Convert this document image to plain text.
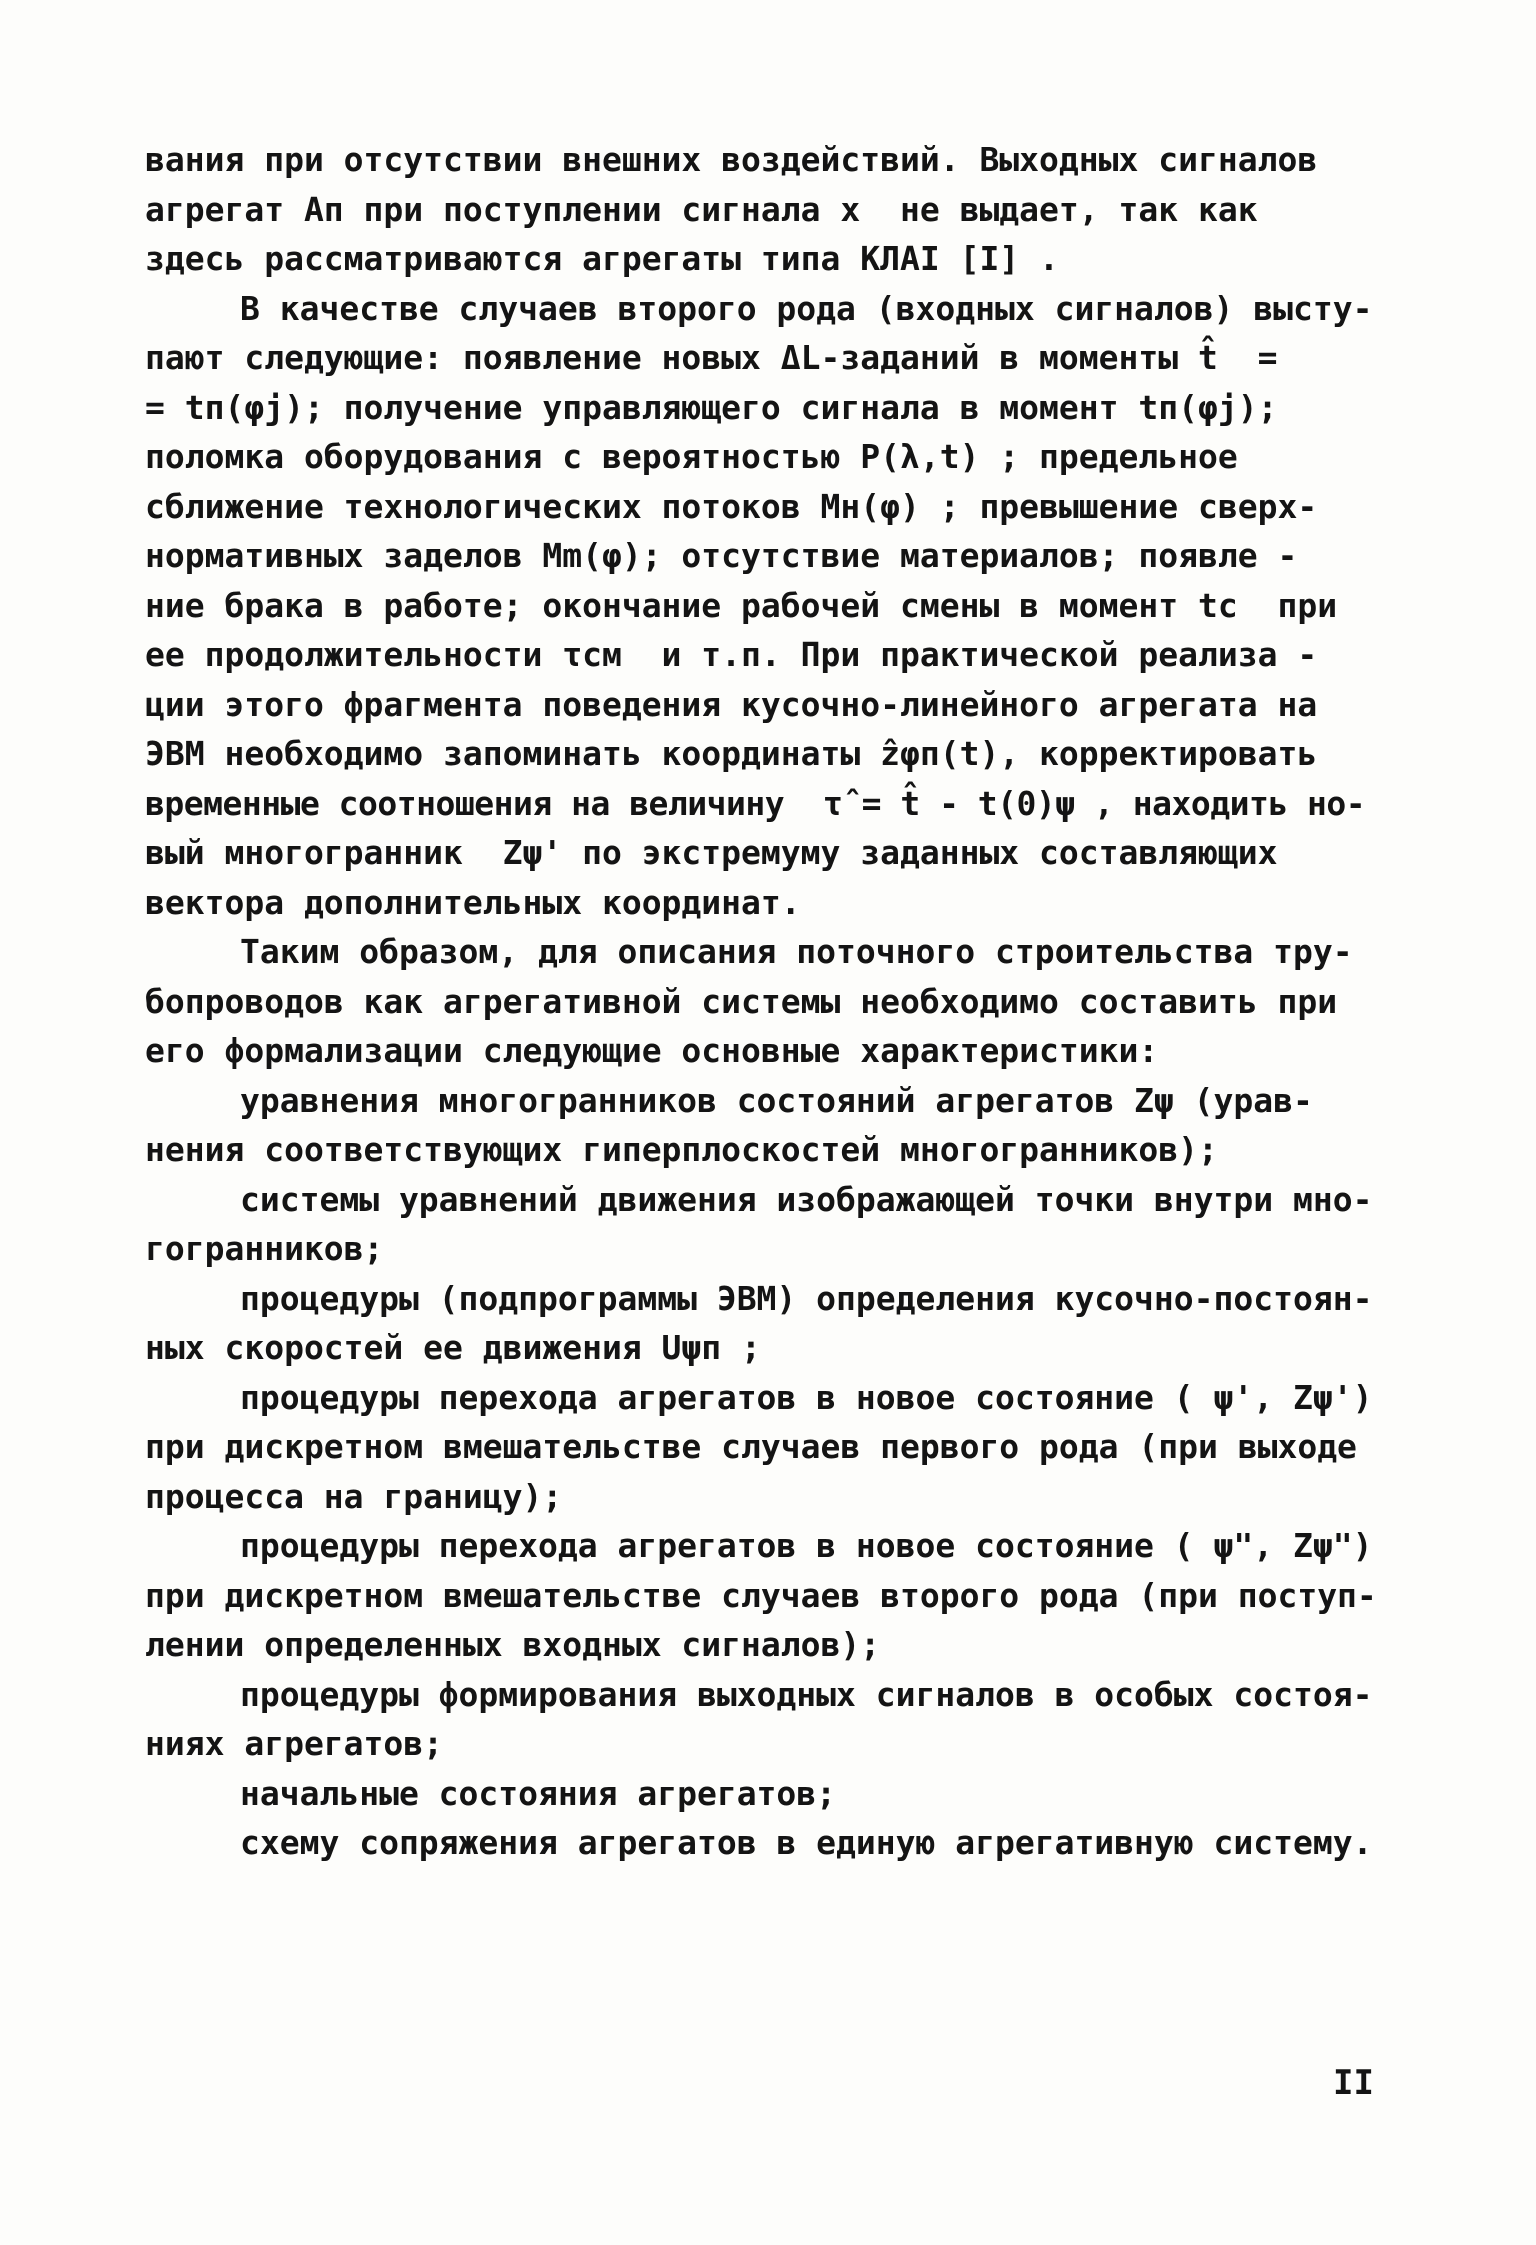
вания при отсутствии внешних воздействий. Выходных сигналов
агрегат Aп при поступлении сигнала x  не выдает, так как
здесь рассматриваются агрегаты типа КЛАI [I] .
В качестве случаев второго рода (входных сигналов) высту-
пают следующие: появление новых ΔL-заданий в моменты t̂  =
= tп(φj); получение управляющего сигнала в момент tп(φj);
поломка оборудования с вероятностью P(λ,t) ; предельное
сближение технологических потоков Mн(φ) ; превышение сверх-
нормативных заделов Mm(φ); отсутствие материалов; появле -
ние брака в работе; окончание рабочей смены в момент tc  при
ее продолжительности τсм  и т.п. При практической реализа -
ции этого фрагмента поведения кусочно-линейного агрегата на
ЭВМ необходимо запоминать координаты ẑφп(t), корректировать
временные соотношения на величину  τ̂ = t̂ - t(0)ψ , находить но-
вый многогранник  Zψ' по экстремуму заданных составляющих
вектора дополнительных координат.
Таким образом, для описания поточного строительства тру-
бопроводов как агрегативной системы необходимо составить при
его формализации следующие основные характеристики:
уравнения многогранников состояний агрегатов Zψ (урав-
нения соответствующих гиперплоскостей многогранников);
системы уравнений движения изображающей точки внутри мно-
гогранников;
процедуры (подпрограммы ЭВМ) определения кусочно-постоян-
ных скоростей ее движения Uψп ;
процедуры перехода агрегатов в новое состояние ( ψ', Zψ')
при дискретном вмешательстве случаев первого рода (при выходе
процесса на границу);
процедуры перехода агрегатов в новое состояние ( ψ", Zψ")
при дискретном вмешательстве случаев второго рода (при поступ-
лении определенных входных сигналов);
процедуры формирования выходных сигналов в особых состоя-
ниях агрегатов;
начальные состояния агрегатов;
схему сопряжения агрегатов в единую агрегативную систему.
II
